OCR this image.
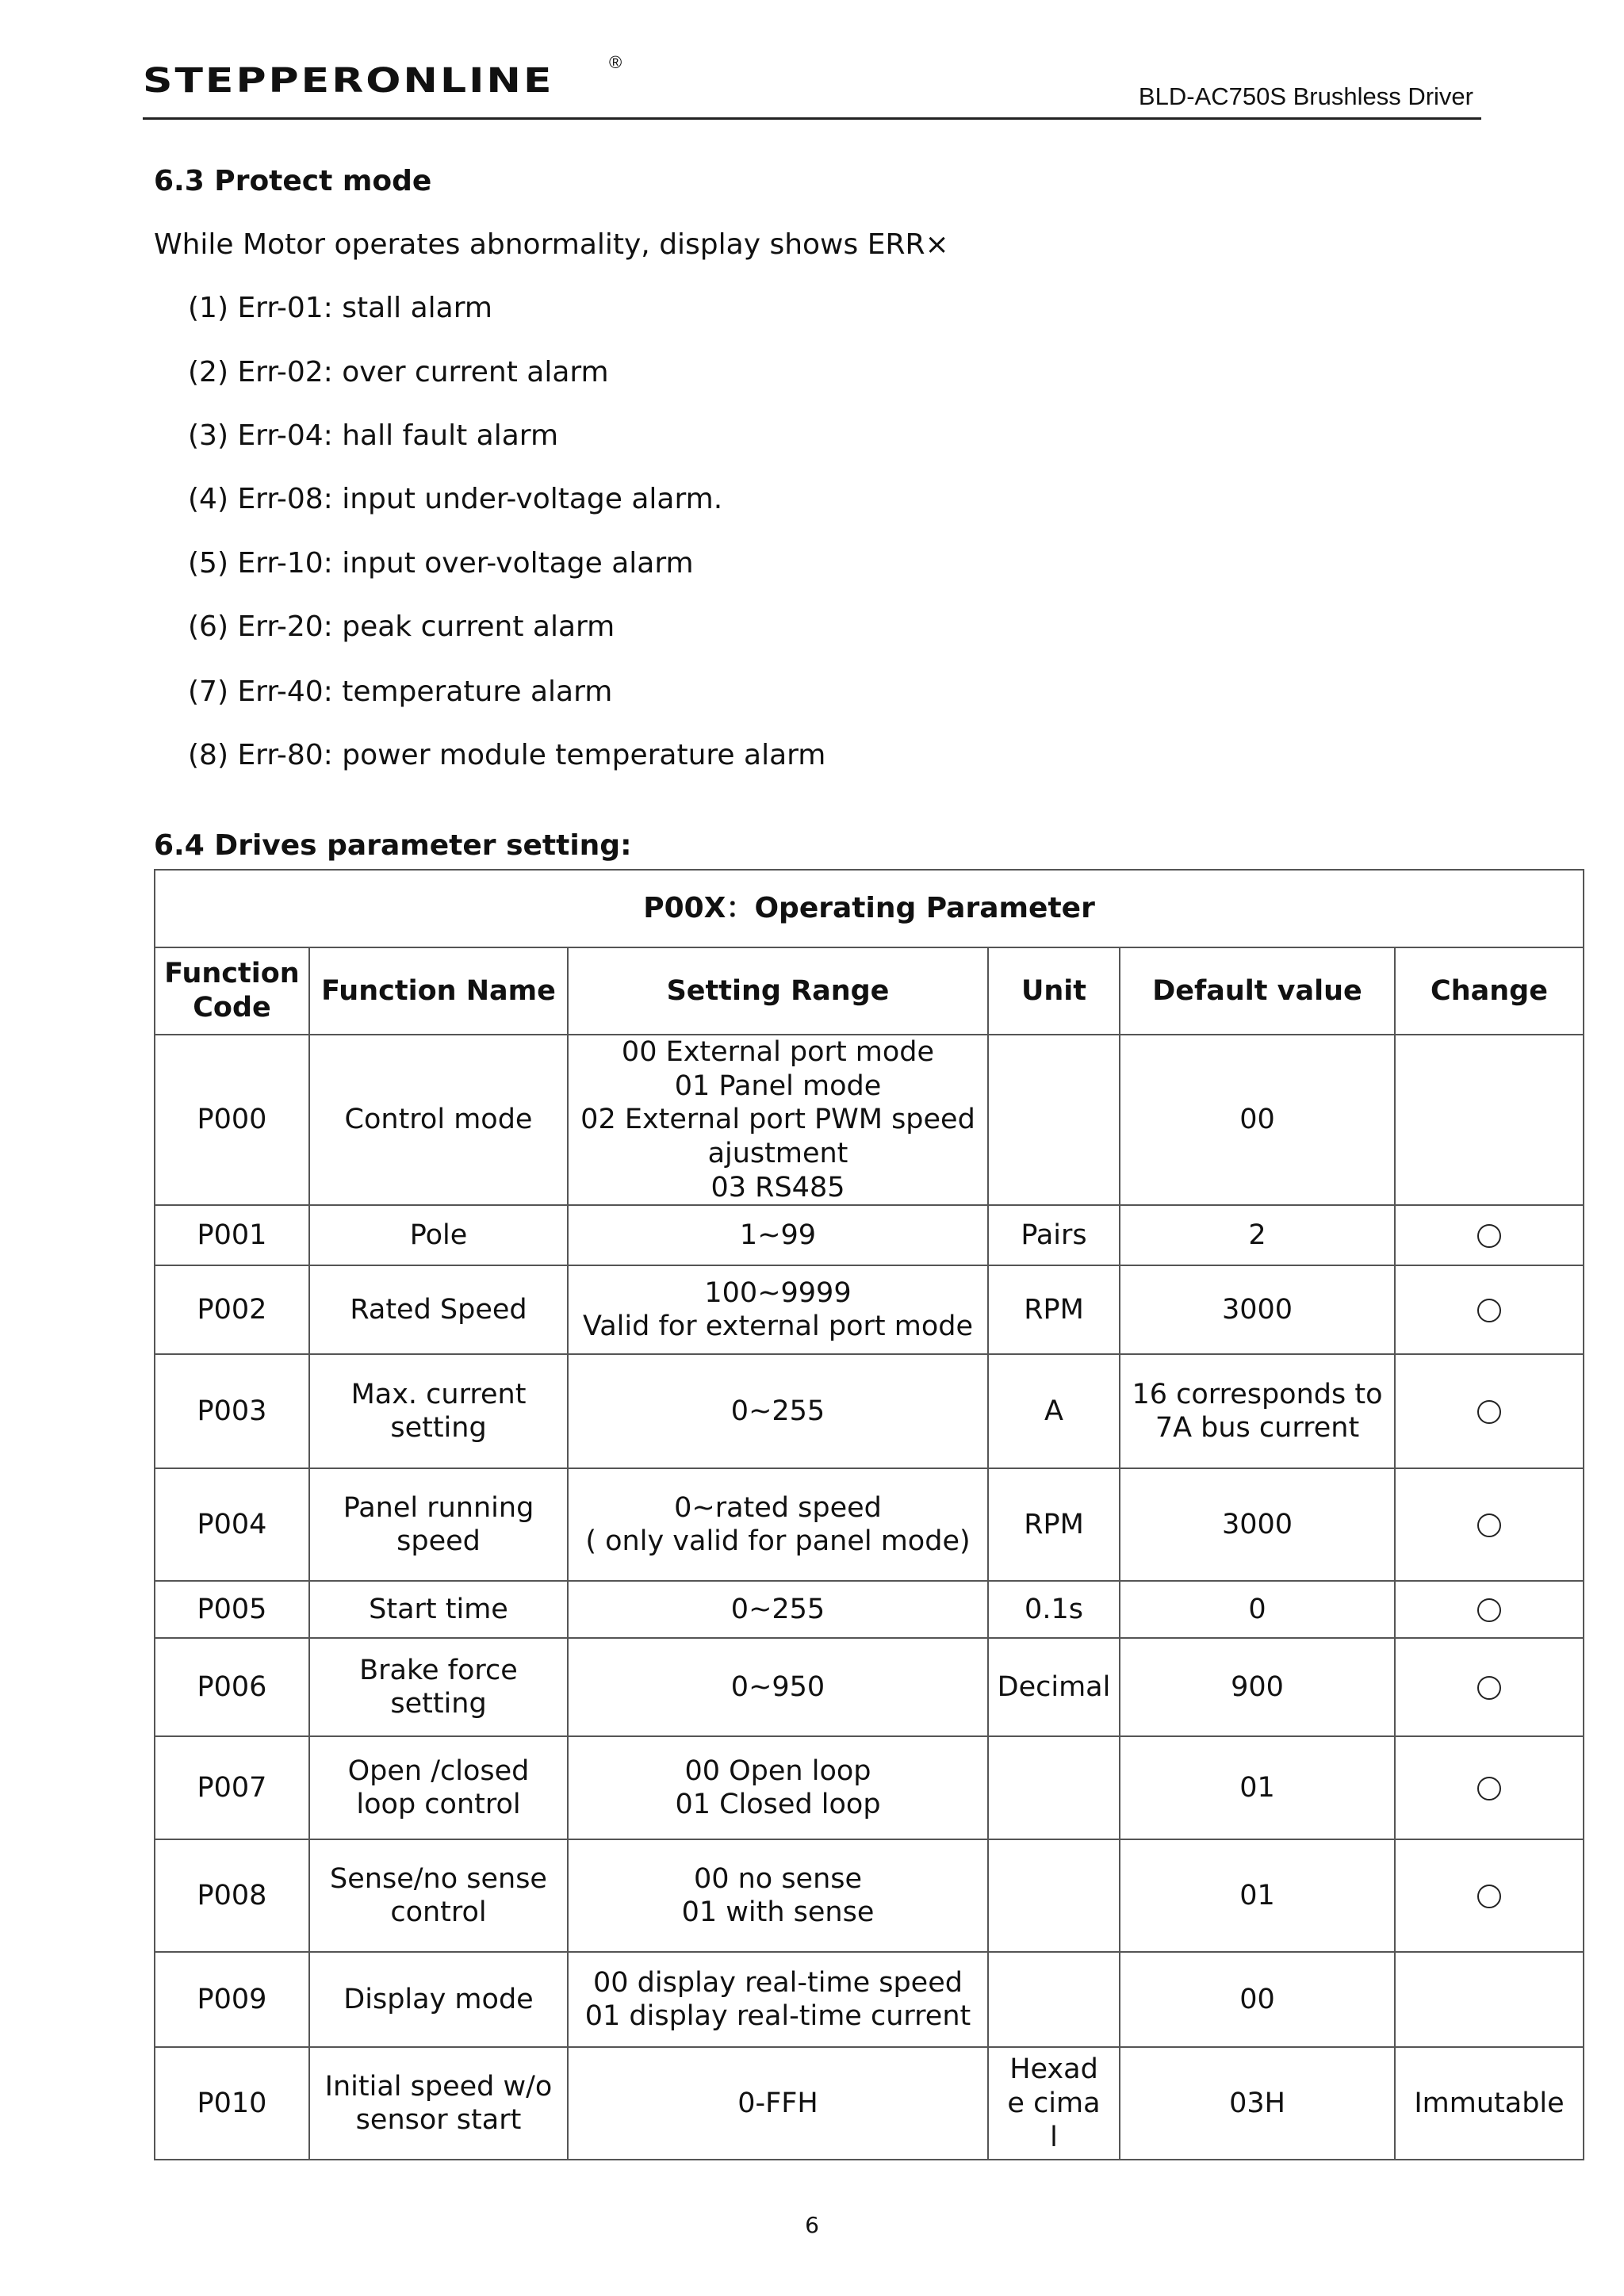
STEPPERONLINE	®
BLD-AC750S Brushless Driver
6.3 Protect mode
While Motor operates abnormality, display shows ERR×
(1) Err-01: stall alarm
(2) Err-02: over current alarm
(3) Err-04: hall fault alarm
(4) Err-08: input under-voltage alarm.
(5) Err-10: input over-voltage alarm
(6) Err-20: peak current alarm
(7) Err-40: temperature alarm
(8) Err-80: power module temperature alarm
6.4 Drives parameter setting:
P00X：Operating Parameter					
Function Code	Function Name	Setting Range	Unit	Default value	Change
P000	Control mode	00 External port mode
01 Panel mode
02 External port PWM speed
ajustment
03 RS485		00	

P001	Pole	1~99	Pairs	2	

P002	Rated Speed	100~9999
Valid for external port mode	RPM	3000	

P003	Max. current
setting	0~255	A	16 corresponds to
7A bus current	

P004	Panel running
speed	0~rated speed
( only valid for panel mode)	RPM	3000	

P005	Start time	0~255	0.1s	0	

P006	Brake force
setting	0~950	Decimal	900	

P007	Open /closed
loop control	00 Open loop
01 Closed loop		01	

P008	Sense/no sense
control	00 no sense
01 with sense		01	

P009	Display mode	00 display real-time speed
01 display real-time current		00	

P010	Initial speed w/o
sensor start	0-FFH	Hexade cimal	03H	Immutable
6
